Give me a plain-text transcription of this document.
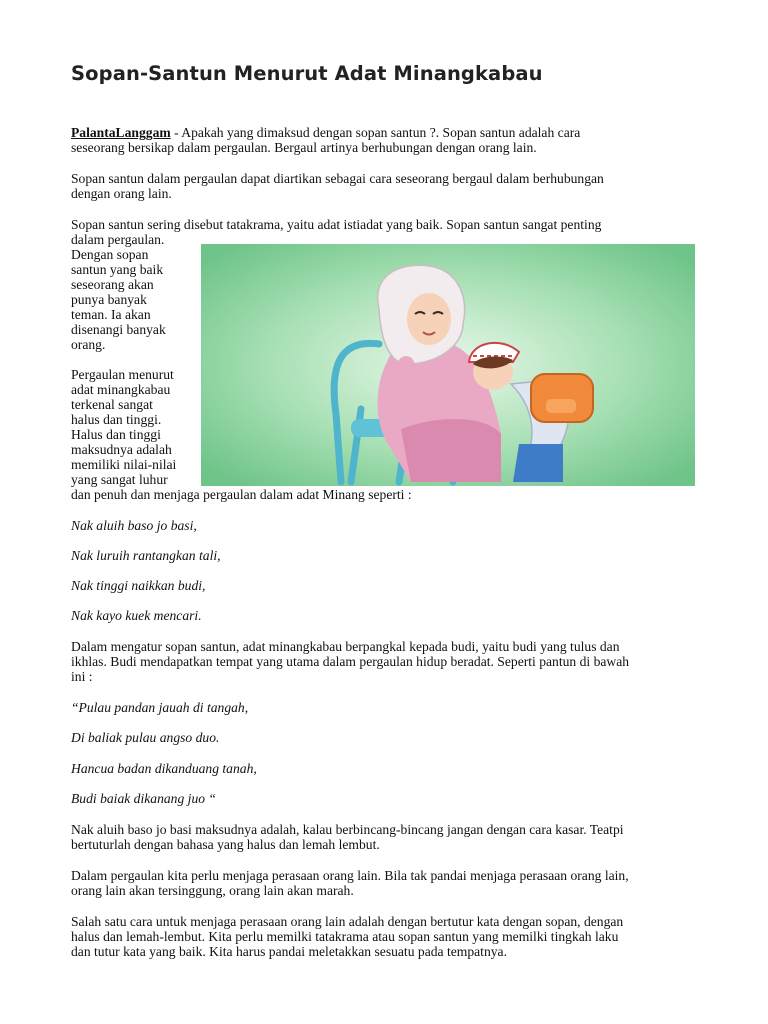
Sopan-Santun Menurut Adat Minangkabau
PalantaLanggam - Apakah yang dimaksud dengan sopan santun ?. Sopan santun adalah cara
seseorang bersikap dalam pergaulan. Bergaul artinya berhubungan dengan orang lain.
Sopan santun dalam pergaulan dapat diartikan sebagai cara seseorang bergaul dalam berhubungan
dengan orang lain.
Sopan santun sering disebut tatakrama, yaitu adat istiadat yang baik. Sopan santun sangat penting
dalam pergaulan.
Dengan sopan
santun yang baik
seseorang akan
punya banyak
teman. Ia akan
disenangi banyak
orang.
Pergaulan menurut
adat minangkabau
terkenal sangat
halus dan tinggi.
Halus dan tinggi
maksudnya adalah
memiliki nilai-nilai
yang sangat luhur
dan penuh dan menjaga pergaulan dalam adat Minang seperti :
Nak aluih baso jo basi,
Nak luruih rantangkan tali,
Nak tinggi naikkan budi,
Nak kayo kuek mencari.
Dalam mengatur sopan santun, adat minangkabau berpangkal kepada budi, yaitu budi yang tulus dan
ikhlas. Budi mendapatkan tempat yang utama dalam pergaulan hidup beradat. Seperti pantun di bawah
ini :
“Pulau pandan jauah di tangah,
Di baliak pulau angso duo.
Hancua badan dikanduang tanah,
Budi baiak dikanang juo “
Nak aluih baso jo basi maksudnya adalah, kalau berbincang-bincang jangan dengan cara kasar. Teatpi
bertuturlah dengan bahasa yang halus dan lemah lembut.
Dalam pergaulan kita perlu menjaga perasaan orang lain. Bila tak pandai menjaga perasaan orang lain,
orang lain akan tersinggung, orang lain akan marah.
Salah satu cara untuk menjaga perasaan orang lain adalah dengan bertutur kata dengan sopan, dengan
halus dan lemah-lembut. Kita perlu memilki tatakrama atau sopan santun yang memilki tingkah laku
dan tutur kata yang baik. Kita harus pandai meletakkan sesuatu pada tempatnya.
